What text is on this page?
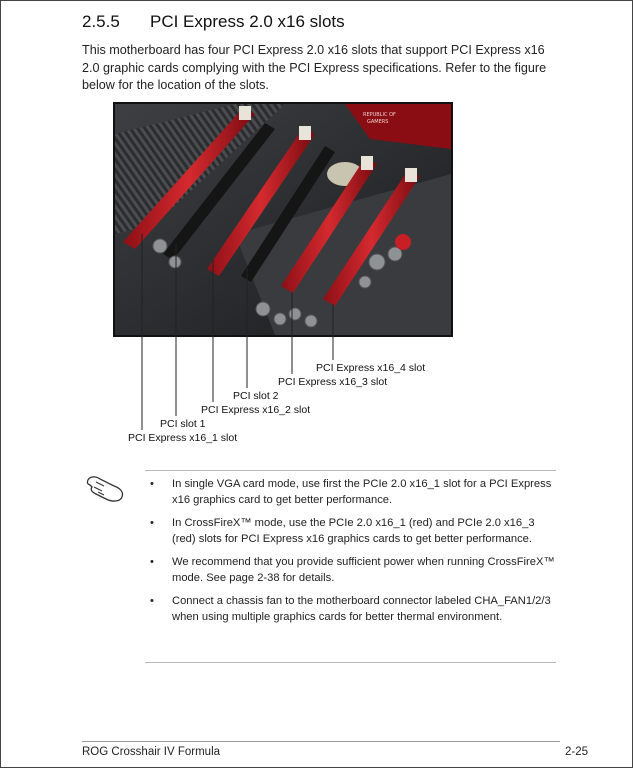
2.5.5 PCI Express 2.0 x16 slots
This motherboard has four PCI Express 2.0 x16 slots that support PCI Express x16 2.0 graphic cards complying with the PCI Express specifications. Refer to the figure below for the location of the slots.
REPUBLIC OF
GAMERS
PCI Express x16_4 slot
PCI Express x16_3 slot
PCI slot 2
PCI Express x16_2 slot
PCI slot 1
PCI Express x16_1 slot
• In single VGA card mode, use first the PCIe 2.0 x16_1 slot for a PCI Express x16 graphics card to get better performance.
• In CrossFireX™ mode, use the PCIe 2.0 x16_1 (red) and PCIe 2.0 x16_3 (red) slots for PCI Express x16 graphics cards to get better performance.
• We recommend that you provide sufficient power when running CrossFireX™ mode. See page 2-38 for details.
• Connect a chassis fan to the motherboard connector labeled CHA_FAN1/2/3 when using multiple graphics cards for better thermal environment.
ROG Crosshair IV Formula	2-25
